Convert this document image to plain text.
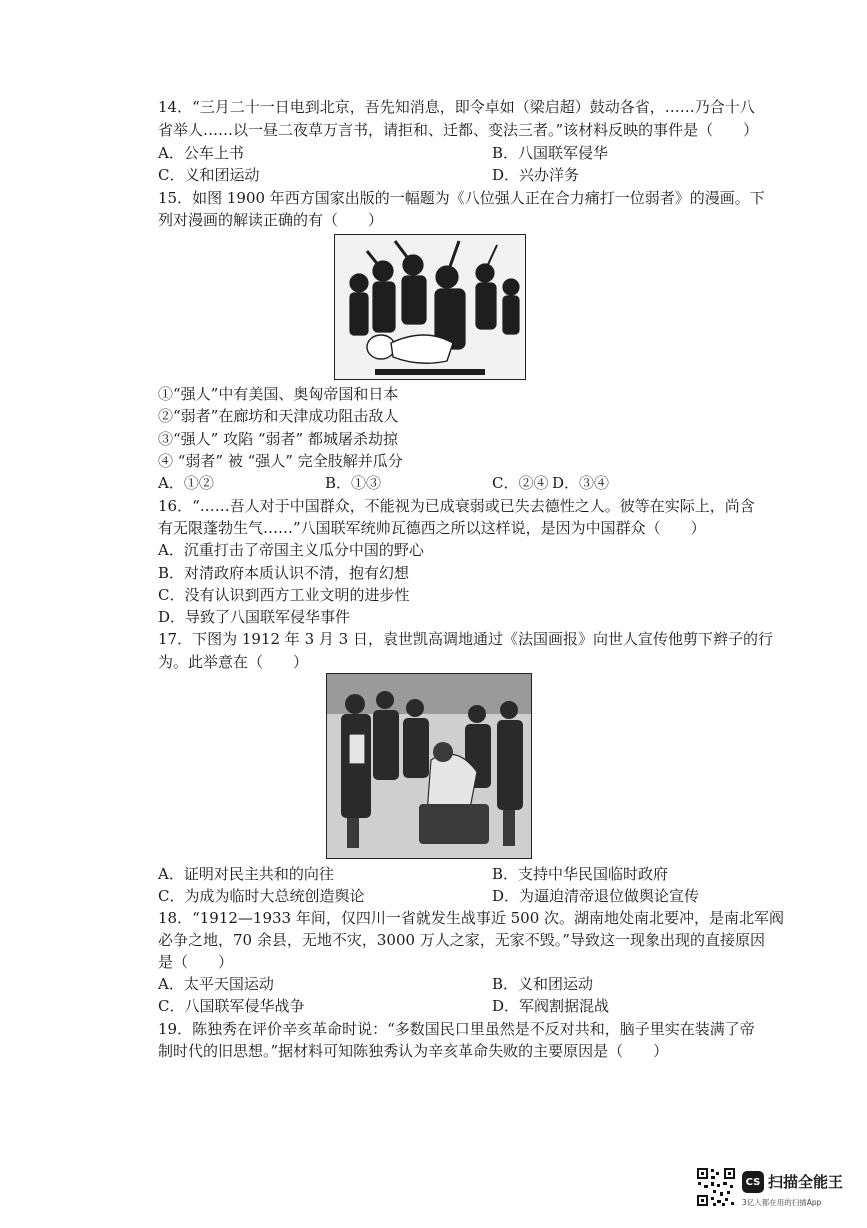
14．“三月二十一日电到北京，吾先知消息，即令卓如（梁启超）鼓动各省，……乃合十八
省举人……以一昼二夜草万言书，请拒和、迁都、变法三者。”该材料反映的事件是（　　）
A．公车上书	B．八国联军侵华
C．义和团运动	D．兴办洋务
15．如图 1900 年西方国家出版的一幅题为《八位强人正在合力痛打一位弱者》的漫画。下
列对漫画的解读正确的有（　　）
①“强人”中有美国、奥匈帝国和日本
②“弱者”在廊坊和天津成功阻击敌人
③“强人” 攻陷 “弱者” 都城屠杀劫掠
④ “弱者” 被 “强人” 完全肢解并瓜分
A．①②	B．①③	C．②④ D．③④
16．“……吾人对于中国群众，不能视为已成衰弱或已失去德性之人。彼等在实际上，尚含
有无限蓬勃生气……”八国联军统帅瓦德西之所以这样说，是因为中国群众（　　）
A．沉重打击了帝国主义瓜分中国的野心
B．对清政府本质认识不清，抱有幻想
C．没有认识到西方工业文明的进步性
D．导致了八国联军侵华事件
17．下图为 1912 年 3 月 3 日，袁世凯高调地通过《法国画报》向世人宣传他剪下辫子的行
为。此举意在（　　）
A．证明对民主共和的向往	B．支持中华民国临时政府
C．为成为临时大总统创造舆论	D．为逼迫清帝退位做舆论宣传
18．“1912—1933 年间，仅四川一省就发生战事近 500 次。湖南地处南北要冲，是南北军阀
必争之地，70 余县，无地不灾，3000 万人之家，无家不毁。”导致这一现象出现的直接原因
是（　　）
A．太平天国运动	B．义和团运动
C．八国联军侵华战争	D．军阀割据混战
19．陈独秀在评价辛亥革命时说：“多数国民口里虽然是不反对共和，脑子里实在装满了帝
制时代的旧思想。”据材料可知陈独秀认为辛亥革命失败的主要原因是（　　）
CS 扫描全能王
3亿人都在用的扫描App
